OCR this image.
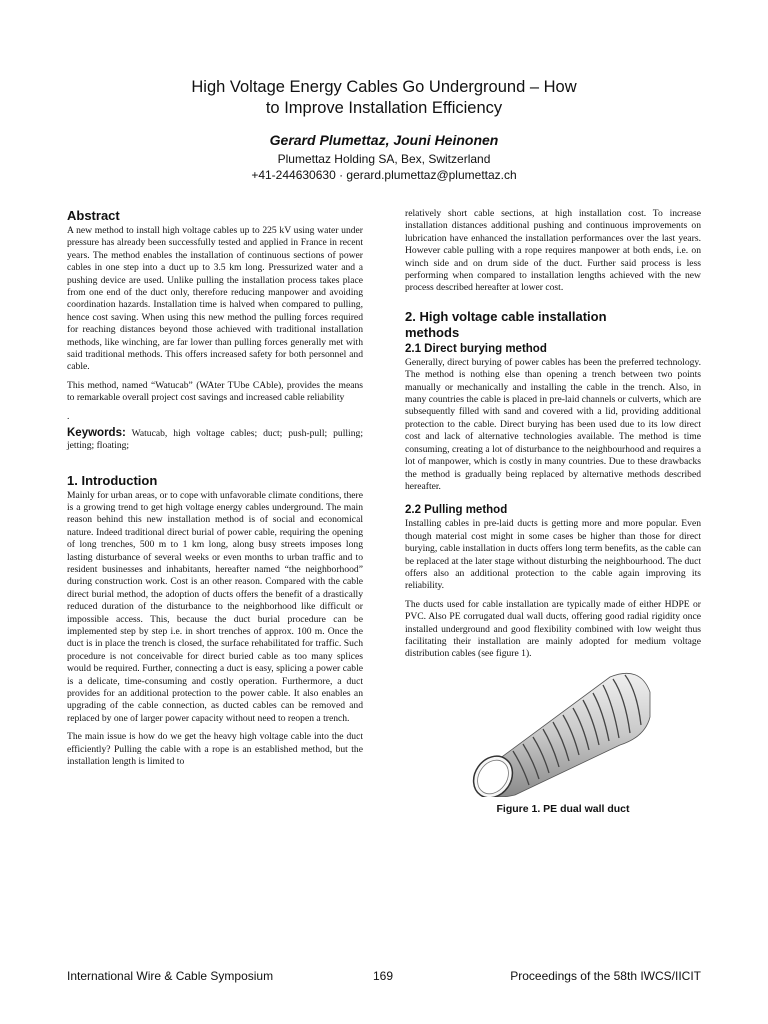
High Voltage Energy Cables Go Underground – How
to Improve Installation Efficiency
Gerard Plumettaz, Jouni Heinonen
Plumettaz Holding SA, Bex, Switzerland
+41-244630630 · gerard.plumettaz@plumettaz.ch
Abstract

A new method to install high voltage cables up to 225 kV using water under pressure has already been successfully tested and applied in France in recent years. The method enables the installation of continuous sections of power cables in one step into a duct up to 3.5 km long. Pressurized water and a pushing device are used. Unlike pulling the installation process takes place from one end of the duct only, therefore reducing manpower and avoiding coordination hazards. Installation time is halved when compared to pulling, hence cost saving. When using this new method the pulling forces required for reaching distances beyond those achieved with traditional installation methods, like winching, are far lower than pulling forces generally met with said traditional methods. This offers increased safety for both personnel and cable.

This method, named “Watucab” (WAter TUbe CAble), provides the means to remarkable overall project cost savings and increased cable reliability

.

Keywords: Watucab, high voltage cables; duct; push-pull; pulling; jetting; floating;

1. Introduction

Mainly for urban areas, or to cope with unfavorable climate conditions, there is a growing trend to get high voltage energy cables underground. The main reason behind this new installation method is of social and economical nature. Indeed traditional direct burial of power cable, requiring the opening of long trenches, 500 m to 1 km long, along busy streets imposes long lasting disturbance of several weeks or even months to urban traffic and to resident businesses and inhabitants, hereafter named “the neighborhood” during construction work. Cost is an other reason. Compared with the cable direct burial method, the adoption of ducts offers the benefit of a drastically reduced duration of the disturbance to the neighborhood like difficult or impossible access. This, because the duct burial procedure can be implemented step by step i.e. in short trenches of approx. 100 m. Once the duct is in place the trench is closed, the surface rehabilitated for traffic. Such procedure is not conceivable for direct buried cable as too many splices would be required. Further, connecting a duct is easy, splicing a power cable is a delicate, time-consuming and costly operation. Furthermore, a duct provides for an additional protection to the power cable. It also enables an upgrading of the cable connection, as ducted cables can be removed and replaced by one of larger power capacity without need to reopen a trench.

The main issue is how do we get the heavy high voltage cable into the duct efficiently? Pulling the cable with a rope is an established method, but the installation length is limited to

relatively short cable sections, at high installation cost. To increase installation distances additional pushing and continuous improvements on lubrication have enhanced the installation performances over the last years. However cable pulling with a rope requires manpower at both ends, i.e. on winch side and on drum side of the duct. Further said process is less performing when compared to installation lengths achieved with the new process described hereafter at lower cost.

2. High voltage cable installation
methods
2.1 Direct burying method

Generally, direct burying of power cables has been the preferred technology. The method is nothing else than opening a trench between two points manually or mechanically and installing the cable in the trench. Also, in many countries the cable is placed in pre-laid channels or culverts, which are subsequently filled with sand and covered with a lid, providing additional protection to the cable. Direct burying has been used due to its low direct cost and lack of alternative technologies available. The method is time consuming, creating a lot of disturbance to the neighbourhood and requires a lot of manpower, which is costly in many countries. Due to these drawbacks the method is gradually being replaced by alternative methods described hereafter.

2.2 Pulling method

Installing cables in pre-laid ducts is getting more and more popular. Even though material cost might in some cases be higher than those for direct burying, cable installation in ducts offers long term benefits, as the cable can be replaced at the later stage without disturbing the neighbourhood. The duct offers also an additional protection to the cable again improving its reliability.

The ducts used for cable installation are typically made of either HDPE or PVC. Also PE corrugated dual wall ducts, offering good radial rigidity once installed underground and good flexibility combined with low weight thus facilitating their installation are mainly adopted for medium voltage distribution cables (see figure 1).

Figure 1. PE dual wall duct
International Wire & Cable Symposium	169	Proceedings of the 58th IWCS/IICIT
